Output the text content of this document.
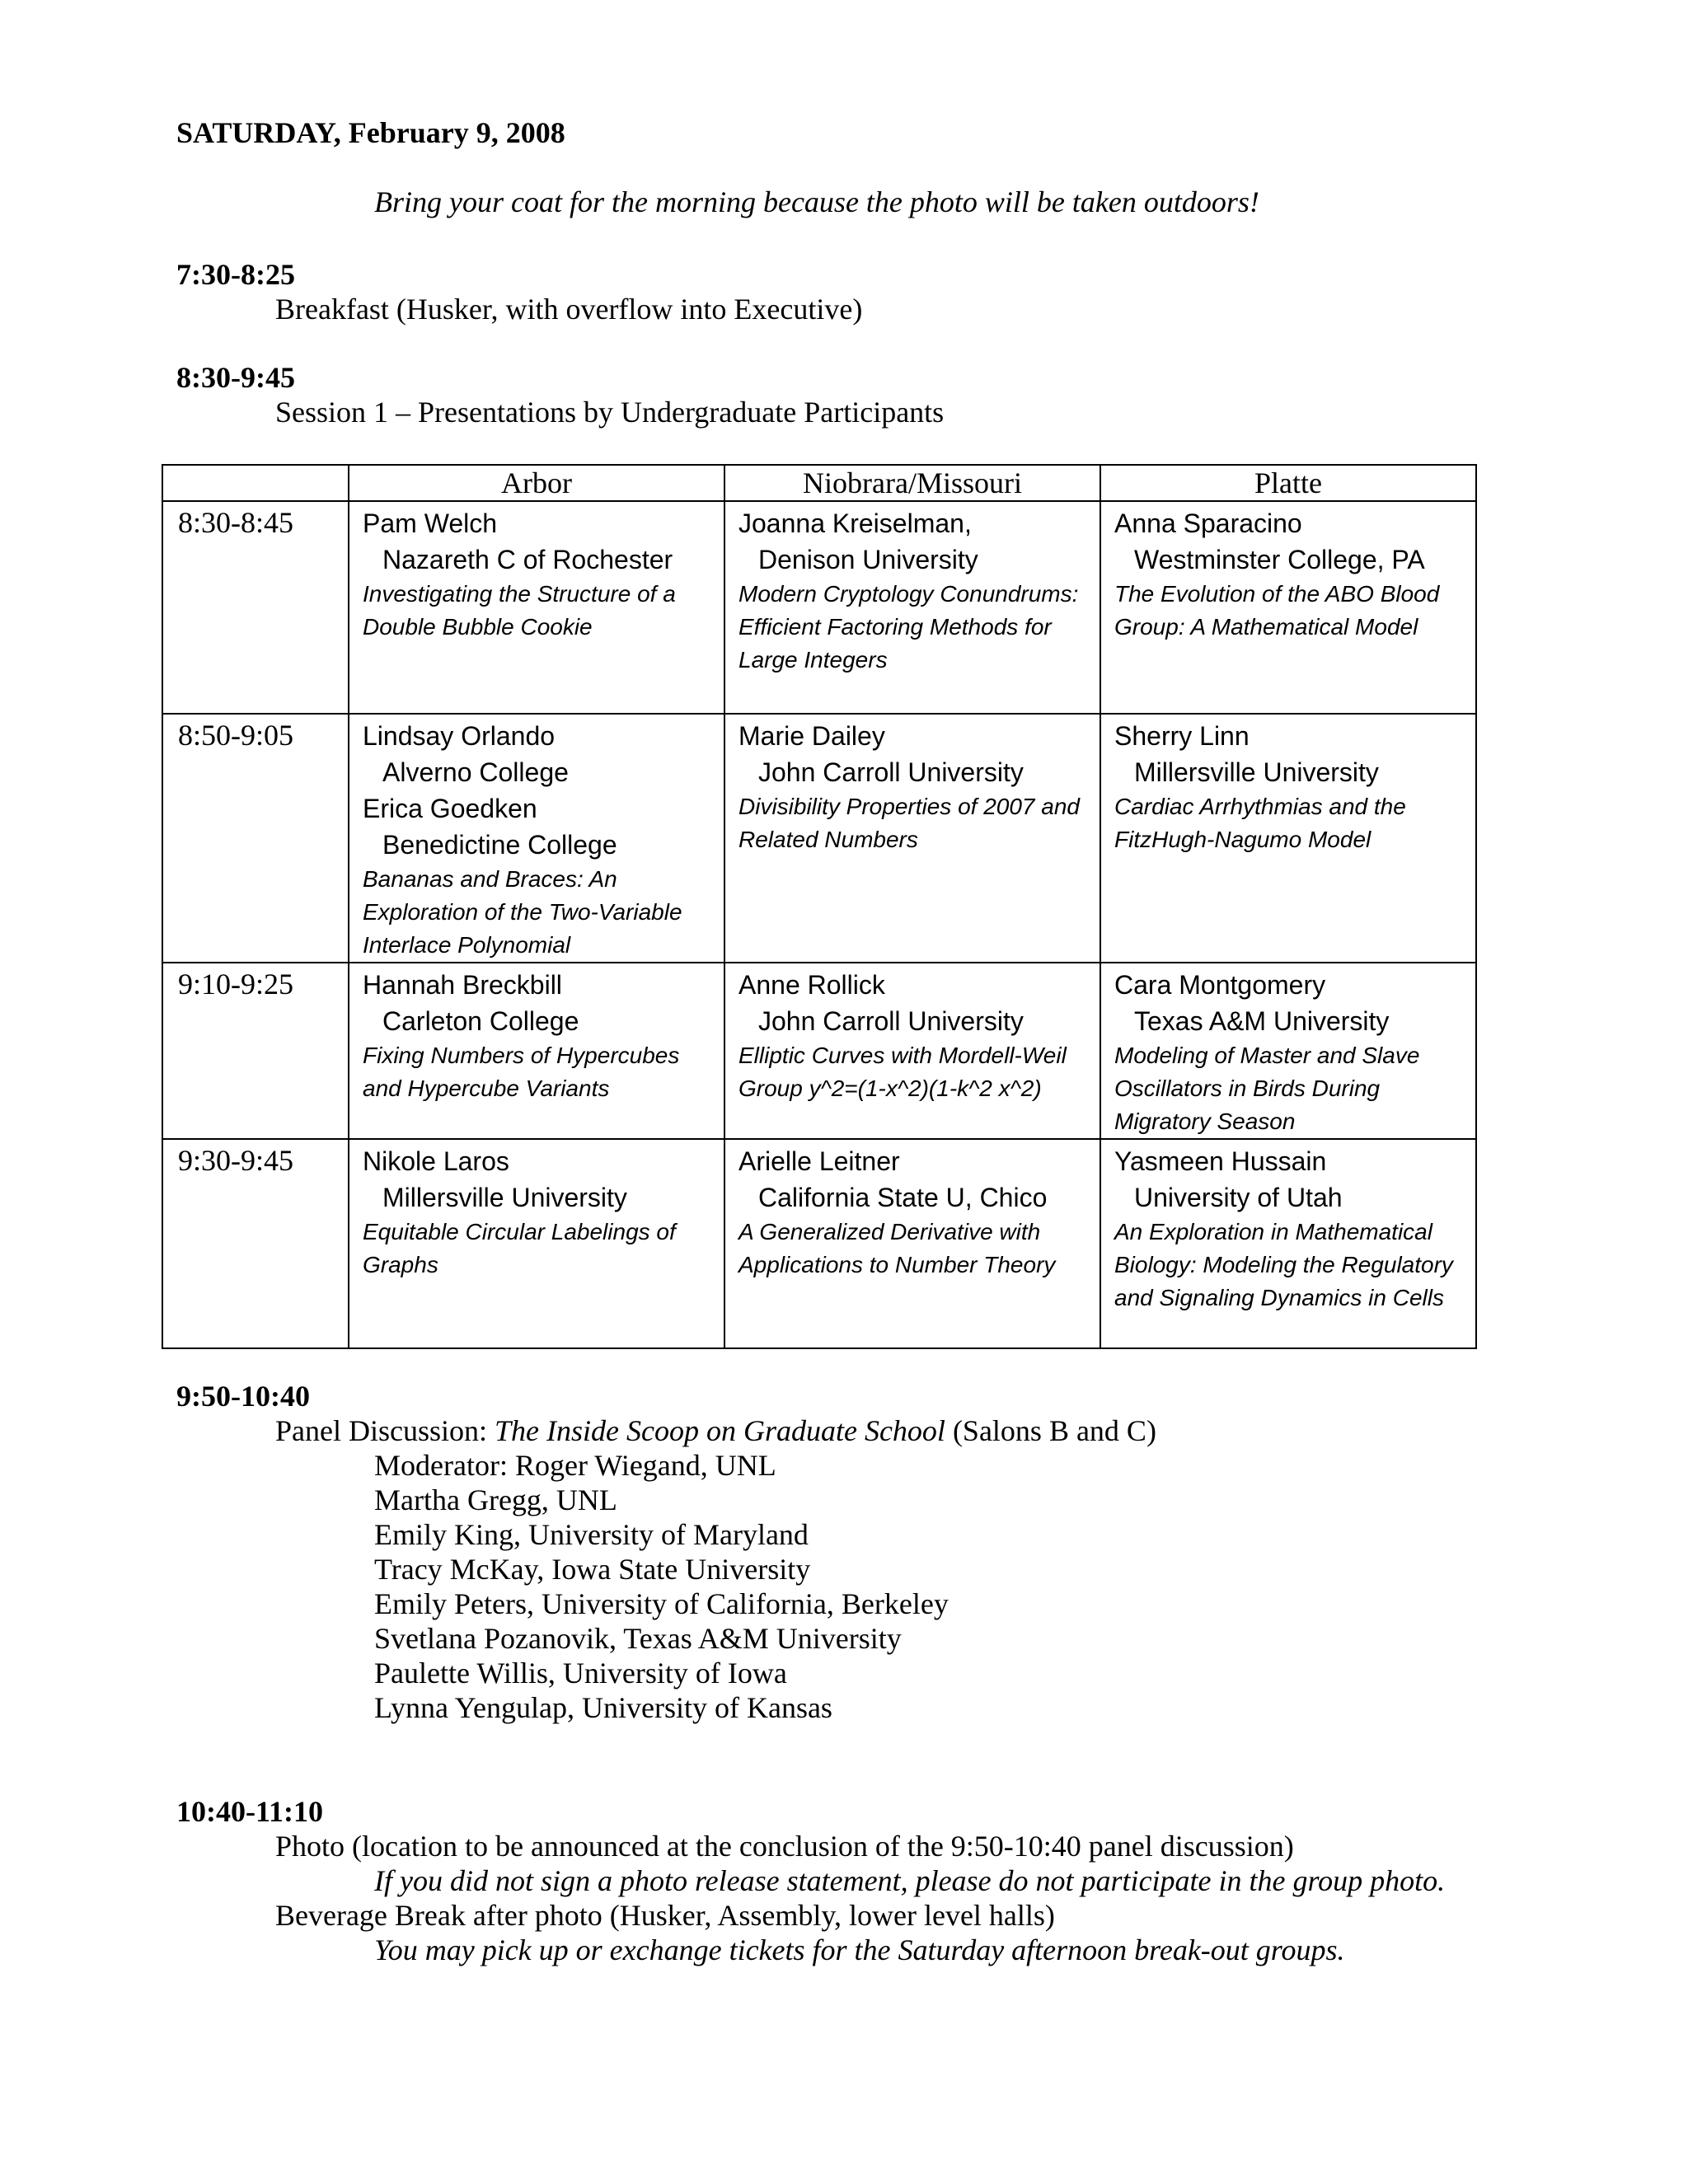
SATURDAY, February 9, 2008
Bring your coat for the morning because the photo will be taken outdoors!
7:30-8:25
Breakfast (Husker, with overflow into Executive)
8:30-9:45
Session 1 – Presentations by Undergraduate Participants
	Arbor	Niobrara/Missouri	Platte
8:30-8:45	Pam Welch
Nazareth C of Rochester
Investigating the Structure of a Double Bubble Cookie	Joanna Kreiselman,
Denison University
Modern Cryptology Conundrums: Efficient Factoring Methods for Large Integers	Anna Sparacino
Westminster College, PA
The Evolution of the ABO Blood Group: A Mathematical Model

8:50-9:05	Lindsay Orlando
Alverno College
Erica Goedken
Benedictine College
Bananas and Braces: An Exploration of the Two-Variable Interlace Polynomial	Marie Dailey
John Carroll University
Divisibility Properties of 2007 and Related Numbers	Sherry Linn
Millersville University
Cardiac Arrhythmias and the FitzHugh-Nagumo Model

9:10-9:25	Hannah Breckbill
Carleton College
Fixing Numbers of Hypercubes and Hypercube Variants	Anne Rollick
John Carroll University
Elliptic Curves with Mordell-Weil Group y^2=(1-x^2)(1-k^2 x^2)	Cara Montgomery
Texas A&M University
Modeling of Master and Slave Oscillators in Birds During Migratory Season

9:30-9:45	Nikole Laros
Millersville University
Equitable Circular Labelings of Graphs	Arielle Leitner
California State U, Chico
A Generalized Derivative with Applications to Number Theory	Yasmeen Hussain
University of Utah
An Exploration in Mathematical Biology: Modeling the Regulatory and Signaling Dynamics in Cells
9:50-10:40
Panel Discussion: The Inside Scoop on Graduate School (Salons B and C)
Moderator: Roger Wiegand, UNL
Martha Gregg, UNL
Emily King, University of Maryland
Tracy McKay, Iowa State University
Emily Peters, University of California, Berkeley
Svetlana Pozanovik, Texas A&M University
Paulette Willis, University of Iowa
Lynna Yengulap, University of Kansas
10:40-11:10
Photo (location to be announced at the conclusion of the 9:50-10:40 panel discussion)
If you did not sign a photo release statement, please do not participate in the group photo.
Beverage Break after photo (Husker, Assembly, lower level halls)
You may pick up or exchange tickets for the Saturday afternoon break-out groups.
